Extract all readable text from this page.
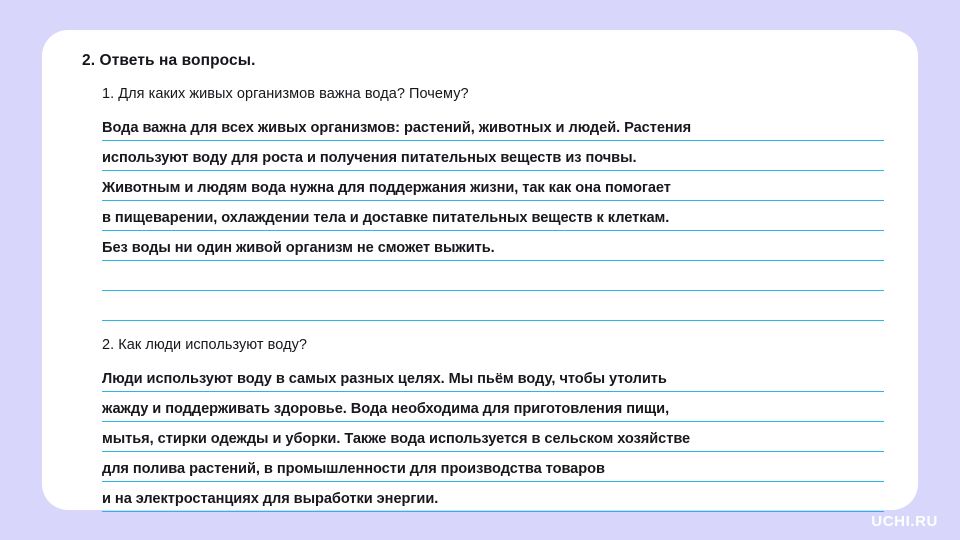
2. Ответь на вопросы.
1. Для каких живых организмов важна вода? Почему?
Вода важна для всех живых организмов: растений, животных и людей. Растения
используют воду для роста и получения питательных веществ из почвы.
Животным и людям вода нужна для поддержания жизни, так как она помогает
в пищеварении, охлаждении тела и доставке питательных веществ к клеткам.
Без воды ни один живой организм не сможет выжить.
2. Как люди используют воду?
Люди используют воду в самых разных целях. Мы пьём воду, чтобы утолить
жажду и поддерживать здоровье. Вода необходима для приготовления пищи,
мытья, стирки одежды и уборки. Также вода используется в сельском хозяйстве
для полива растений, в промышленности для производства товаров
и на электростанциях для выработки энергии.
UCHI.RU
